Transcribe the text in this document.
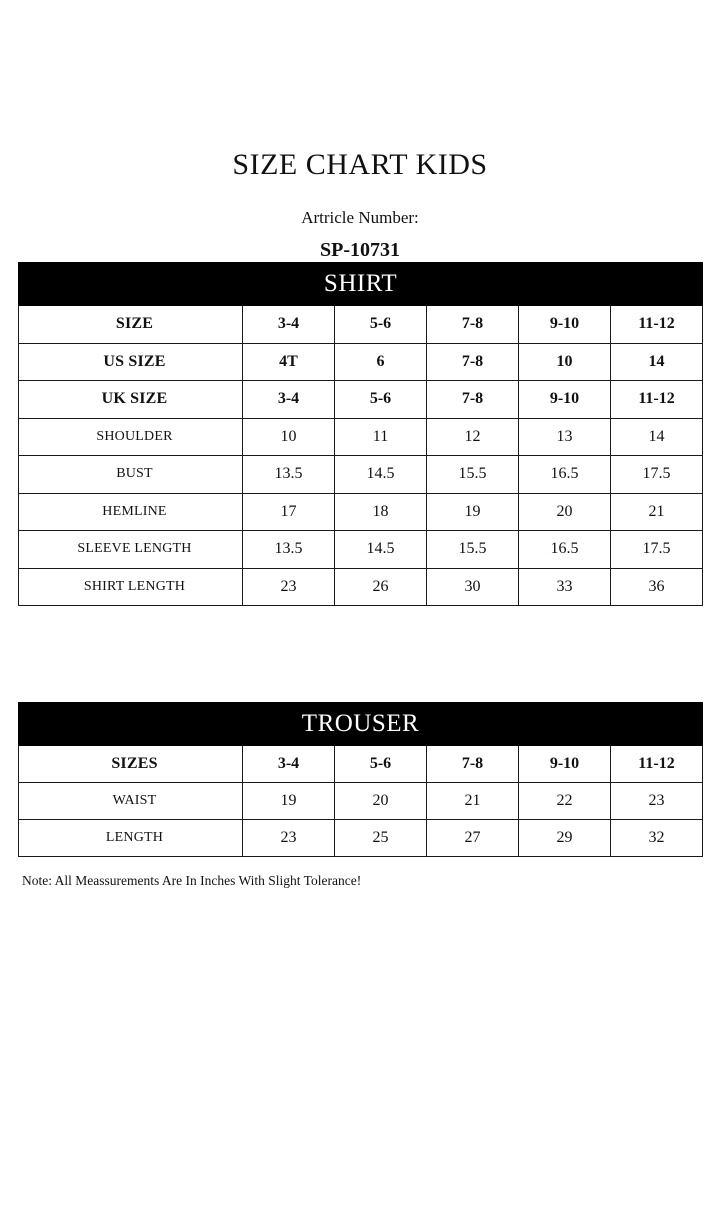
SIZE CHART KIDS
Artricle Number:
SP-10731
SHIRT					
SIZE	3-4	5-6	7-8	9-10	11-12
US SIZE	4T	6	7-8	10	14
UK SIZE	3-4	5-6	7-8	9-10	11-12
SHOULDER	10	11	12	13	14
BUST	13.5	14.5	15.5	16.5	17.5
HEMLINE	17	18	19	20	21
SLEEVE LENGTH	13.5	14.5	15.5	16.5	17.5
SHIRT LENGTH	23	26	30	33	36
TROUSER					
SIZES	3-4	5-6	7-8	9-10	11-12
WAIST	19	20	21	22	23
LENGTH	23	25	27	29	32
Note: All Meassurements Are In Inches With Slight Tolerance!
